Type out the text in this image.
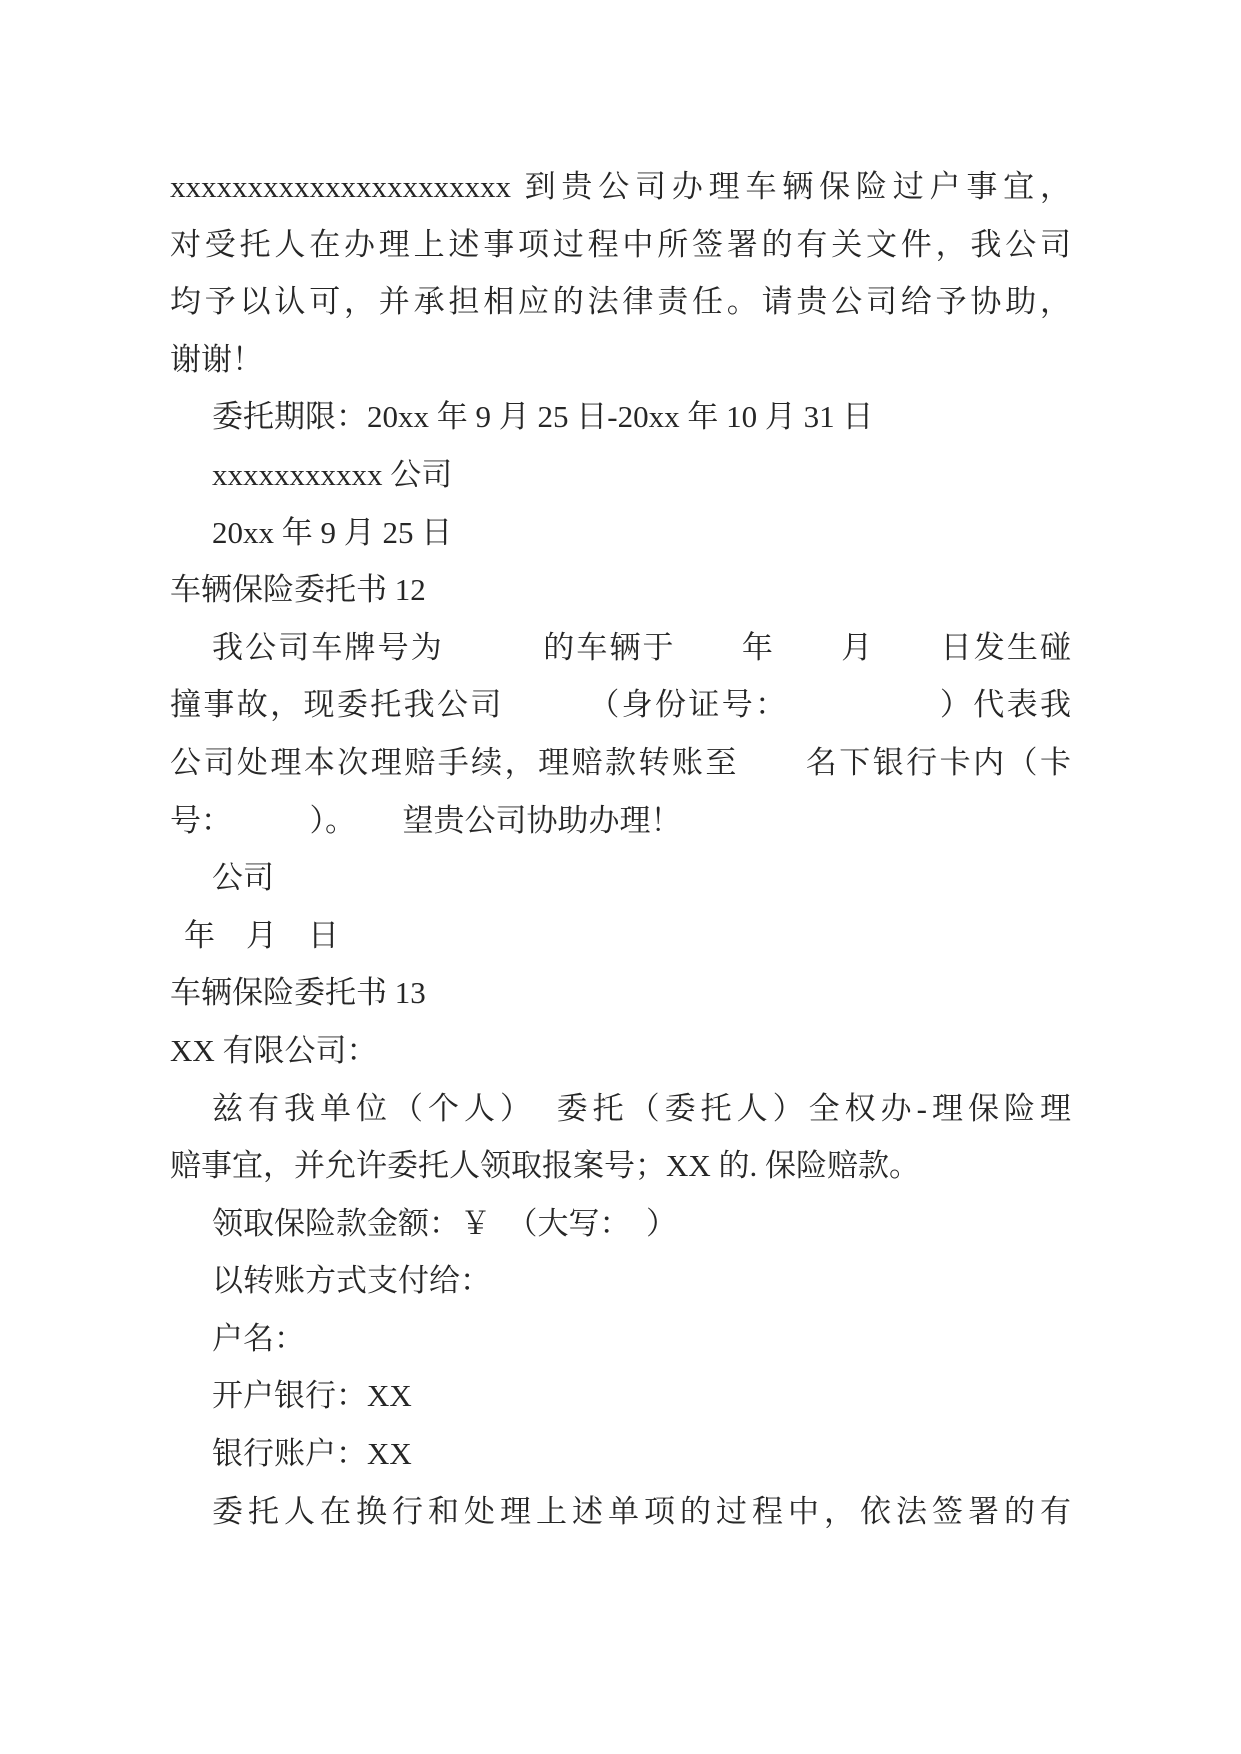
xxxxxxxxxxxxxxxxxxxxxx 到贵公司办理车辆保险过户事宜，

对受托人在办理上述事项过程中所签署的有关文件，我公司

均予以认可，并承担相应的法律责任。请贵公司给予协助，

谢谢！

委托期限：20xx 年 9 月 25 日-20xx 年 10 月 31 日

xxxxxxxxxxx 公司

20xx 年 9 月 25 日

车辆保险委托书 12

我公司车牌号为　　　的车辆于　　年　　月　　日发生碰

撞事故，现委托我公司　　　（身份证号：　　　　　）代表我

公司处理本次理赔手续，理赔款转账至　　名下银行卡内（卡

号：　　　）。　　望贵公司协助办理！

公司

年　月　日

车辆保险委托书 13

XX 有限公司：

兹有我单位（个人）　委托（委托人）全权办-理保险理

赔事宜，并允许委托人领取报案号；XX 的. 保险赔款。

领取保险款金额：￥　（大写：　）

以转账方式支付给：

户名：

开户银行：XX

银行账户：XX

委托人在换行和处理上述单项的过程中，依法签署的有
